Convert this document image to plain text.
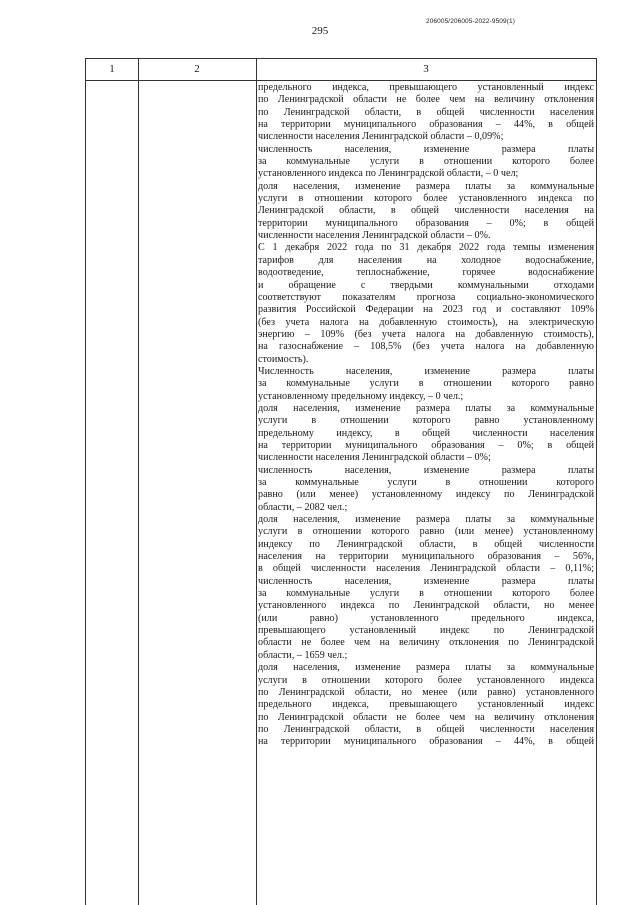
295
206005/206005-2022-9509(1)
1	2	3
предельного индекса, превышающего установленный индекс
по Ленинградской области не более чем на величину отклонения
по Ленинградской области, в общей численности населения
на территории муниципального образования – 44%, в общей
численности населения Ленинградской области – 0,09%;
численность населения, изменение размера платы
за коммунальные услуги в отношении которого более
установленного индекса по Ленинградской области, – 0 чел;
доля населения, изменение размера платы за коммунальные
услуги в отношении которого более установленного индекса по
Ленинградской области, в общей численности населения на
территории муниципального образования – 0%; в общей
численности населения Ленинградской области – 0%.
С 1 декабря 2022 года по 31 декабря 2022 года темпы изменения
тарифов для населения на холодное водоснабжение,
водоотведение, теплоснабжение, горячее водоснабжение
и обращение с твердыми коммунальными отходами
соответствуют показателям прогноза социально-экономического
развития Российской Федерации на 2023 год и составляют 109%
(без учета налога на добавленную стоимость), на электрическую
энергию – 109% (без учета налога на добавленную стоимость),
на газоснабжение – 108,5% (без учета налога на добавленную
стоимость).
Численность населения, изменение размера платы
за коммунальные услуги в отношении которого равно
установленному предельному индексу, – 0 чел.;
доля населения, изменение размера платы за коммунальные
услуги в отношении которого равно установленному
предельному индексу, в общей численности населения
на территории муниципального образования – 0%; в общей
численности населения Ленинградской области – 0%;
численность населения, изменение размера платы
за коммунальные услуги в отношении которого
равно (или менее) установленному индексу по Ленинградской
области, – 2082 чел.;
доля населения, изменение размера платы за коммунальные
услуги в отношении которого равно (или менее) установленному
индексу по Ленинградской области, в общей численности
населения на территории муниципального образования – 56%,
в общей численности населения Ленинградской области – 0,11%;
численность населения, изменение размера платы
за коммунальные услуги в отношении которого более
установленного индекса по Ленинградской области, но менее
(или равно) установленного предельного индекса,
превышающего установленный индекс по Ленинградской
области не более чем на величину отклонения по Ленинградской
области, – 1659 чел.;
доля населения, изменение размера платы за коммунальные
услуги в отношении которого более установленного индекса
по Ленинградской области, но менее (или равно) установленного
предельного индекса, превышающего установленный индекс
по Ленинградской области не более чем на величину отклонения
по Ленинградской области, в общей численности населения
на территории муниципального образования – 44%, в общей
